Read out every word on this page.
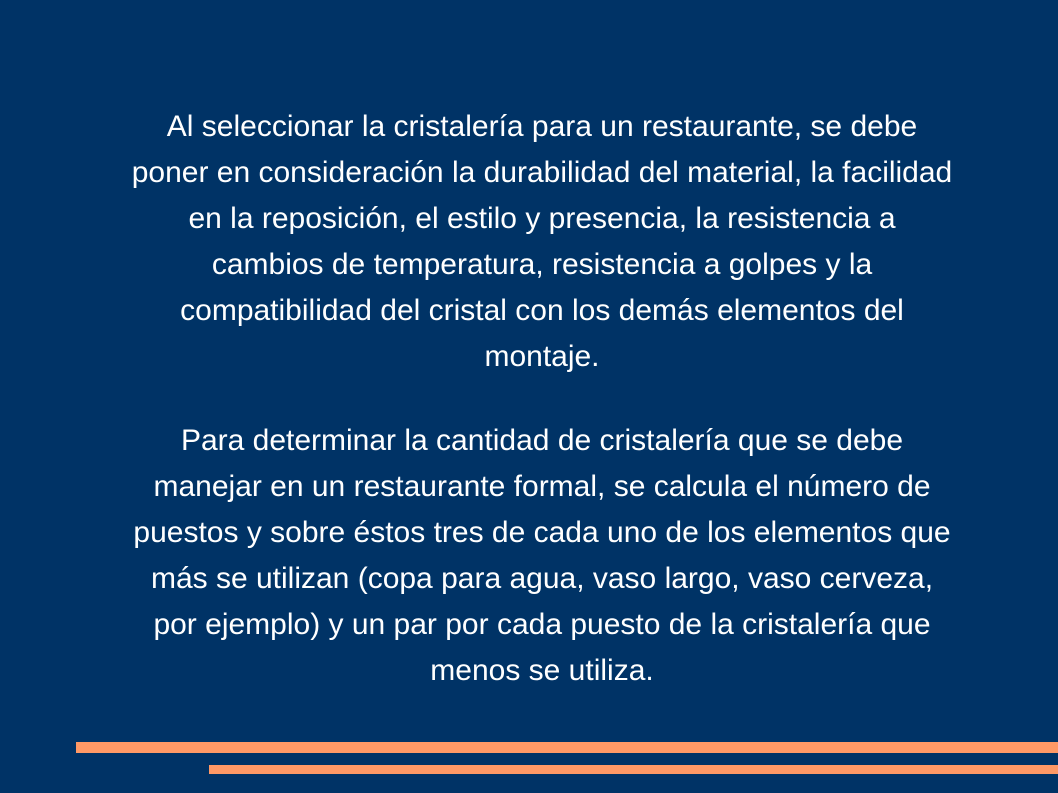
Al seleccionar la cristalería para un restaurante, se debe
poner en consideración la durabilidad del material, la facilidad
en la reposición, el estilo y presencia, la resistencia a
cambios de temperatura, resistencia a golpes y la
compatibilidad del cristal con los demás elementos del
montaje.
Para determinar la cantidad de cristalería que se debe
manejar en un restaurante formal, se calcula el número de
puestos y sobre éstos tres de cada uno de los elementos que
más se utilizan (copa para agua, vaso largo, vaso cerveza,
por ejemplo) y un par por cada puesto de la cristalería que
menos se utiliza.
